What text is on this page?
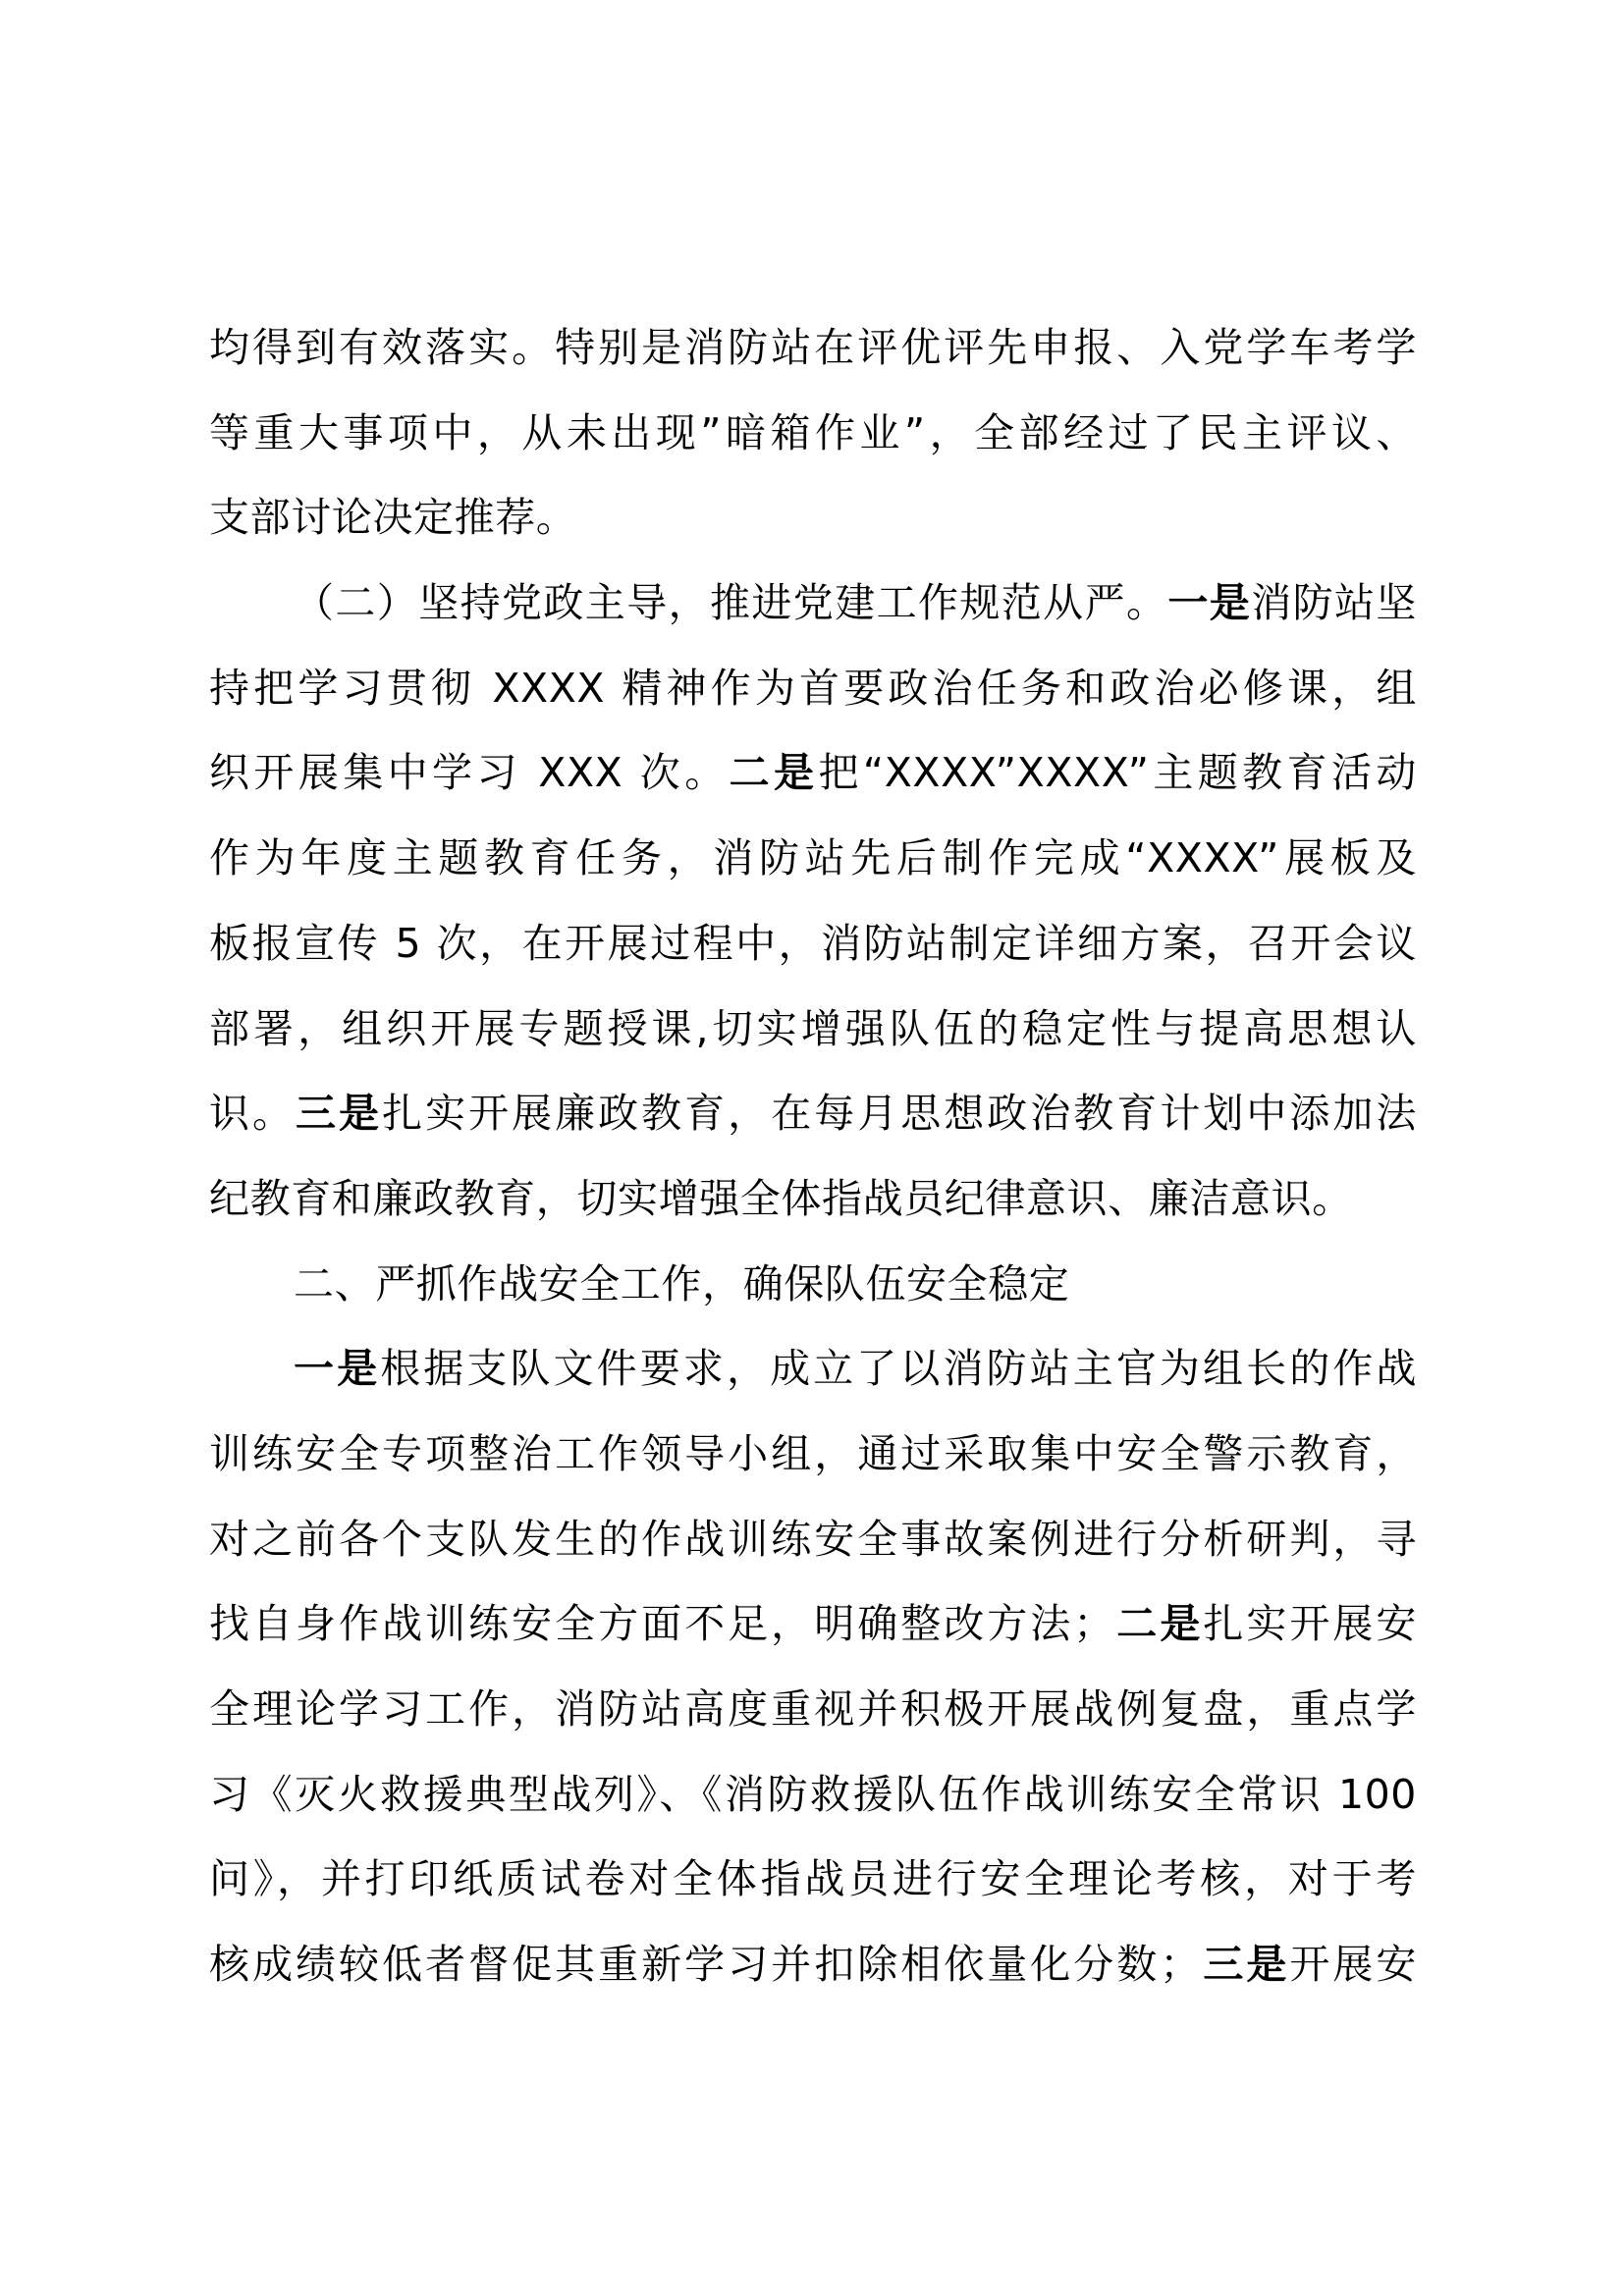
均得到有效落实。特别是消防站在评优评先申报、入党学车考学
等重大事项中，从未出现”暗箱作业”，全部经过了民主评议、
支部讨论决定推荐。
（二）坚持党政主导，推进党建工作规范从严。一是消防站坚
持把学习贯彻 XXXX 精神作为首要政治任务和政治必修课，组
织开展集中学习 XXX 次。二是把“XXXX”XXXX”主题教育活动
作为年度主题教育任务，消防站先后制作完成“XXXX”展板及
板报宣传 5 次，在开展过程中，消防站制定详细方案，召开会议
部署，组织开展专题授课,切实增强队伍的稳定性与提高思想认
识。三是扎实开展廉政教育，在每月思想政治教育计划中添加法
纪教育和廉政教育，切实增强全体指战员纪律意识、廉洁意识。
二、严抓作战安全工作，确保队伍安全稳定
一是根据支队文件要求，成立了以消防站主官为组长的作战
训练安全专项整治工作领导小组，通过采取集中安全警示教育，
对之前各个支队发生的作战训练安全事故案例进行分析研判，寻
找自身作战训练安全方面不足，明确整改方法；二是扎实开展安
全理论学习工作，消防站高度重视并积极开展战例复盘，重点学
习《灭火救援典型战列》、《消防救援队伍作战训练安全常识 100
问》，并打印纸质试卷对全体指战员进行安全理论考核，对于考
核成绩较低者督促其重新学习并扣除相依量化分数；三是开展安
